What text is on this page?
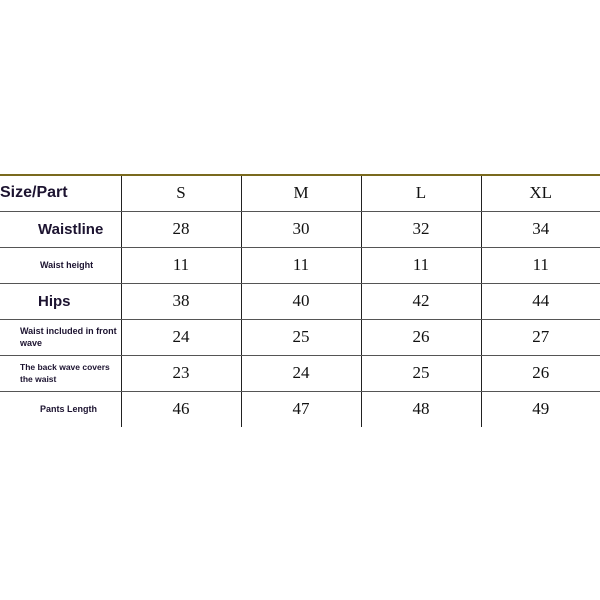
Size/Part	S	M	L	XL
Waistline	28	30	32	34
Waist height	11	11	11	11
Hips	38	40	42	44
Waist included in front wave	24	25	26	27
The back wave covers the waist	23	24	25	26
Pants Length	46	47	48	49
